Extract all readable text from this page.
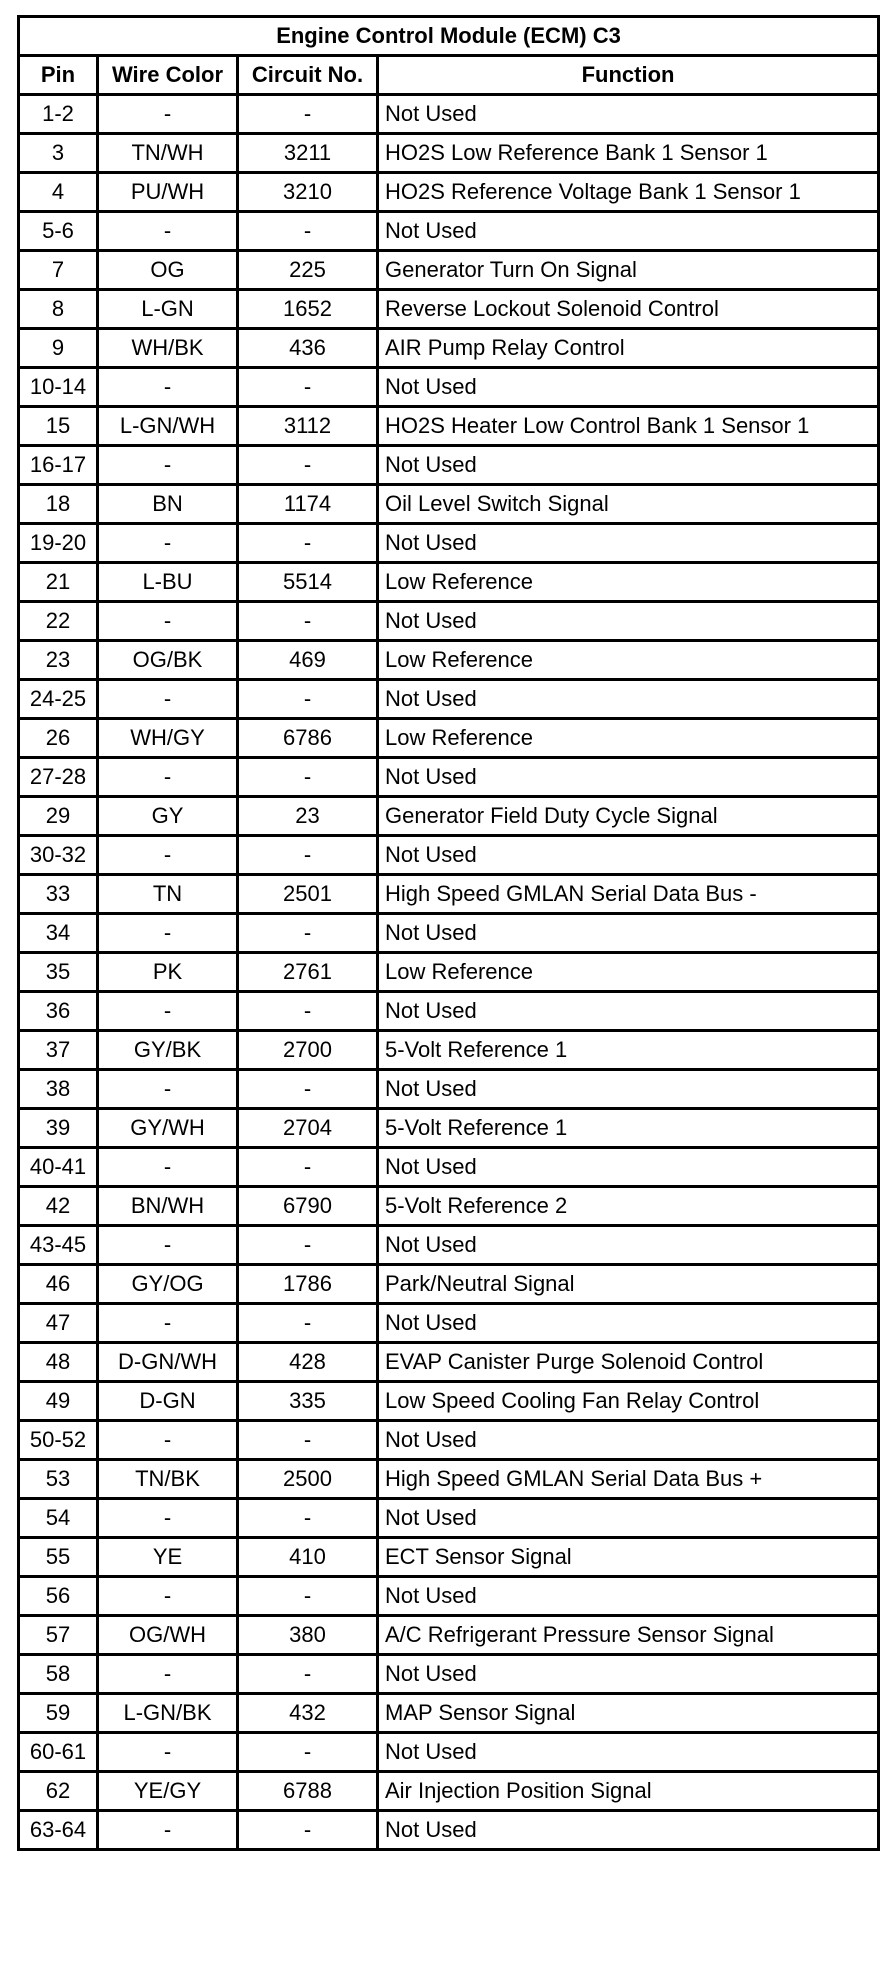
Engine Control Module (ECM) C3			
Pin	Wire Color	Circuit No.	Function
1-2	-	-	Not Used
3	TN/WH	3211	HO2S Low Reference Bank 1 Sensor 1
4	PU/WH	3210	HO2S Reference Voltage Bank 1 Sensor 1
5-6	-	-	Not Used
7	OG	225	Generator Turn On Signal
8	L-GN	1652	Reverse Lockout Solenoid Control
9	WH/BK	436	AIR Pump Relay Control
10-14	-	-	Not Used
15	L-GN/WH	3112	HO2S Heater Low Control Bank 1 Sensor 1
16-17	-	-	Not Used
18	BN	1174	Oil Level Switch Signal
19-20	-	-	Not Used
21	L-BU	5514	Low Reference
22	-	-	Not Used
23	OG/BK	469	Low Reference
24-25	-	-	Not Used
26	WH/GY	6786	Low Reference
27-28	-	-	Not Used
29	GY	23	Generator Field Duty Cycle Signal
30-32	-	-	Not Used
33	TN	2501	High Speed GMLAN Serial Data Bus -
34	-	-	Not Used
35	PK	2761	Low Reference
36	-	-	Not Used
37	GY/BK	2700	5-Volt Reference 1
38	-	-	Not Used
39	GY/WH	2704	5-Volt Reference 1
40-41	-	-	Not Used
42	BN/WH	6790	5-Volt Reference 2
43-45	-	-	Not Used
46	GY/OG	1786	Park/Neutral Signal
47	-	-	Not Used
48	D-GN/WH	428	EVAP Canister Purge Solenoid Control
49	D-GN	335	Low Speed Cooling Fan Relay Control
50-52	-	-	Not Used
53	TN/BK	2500	High Speed GMLAN Serial Data Bus +
54	-	-	Not Used
55	YE	410	ECT Sensor Signal
56	-	-	Not Used
57	OG/WH	380	A/C Refrigerant Pressure Sensor Signal
58	-	-	Not Used
59	L-GN/BK	432	MAP Sensor Signal
60-61	-	-	Not Used
62	YE/GY	6788	Air Injection Position Signal
63-64	-	-	Not Used
